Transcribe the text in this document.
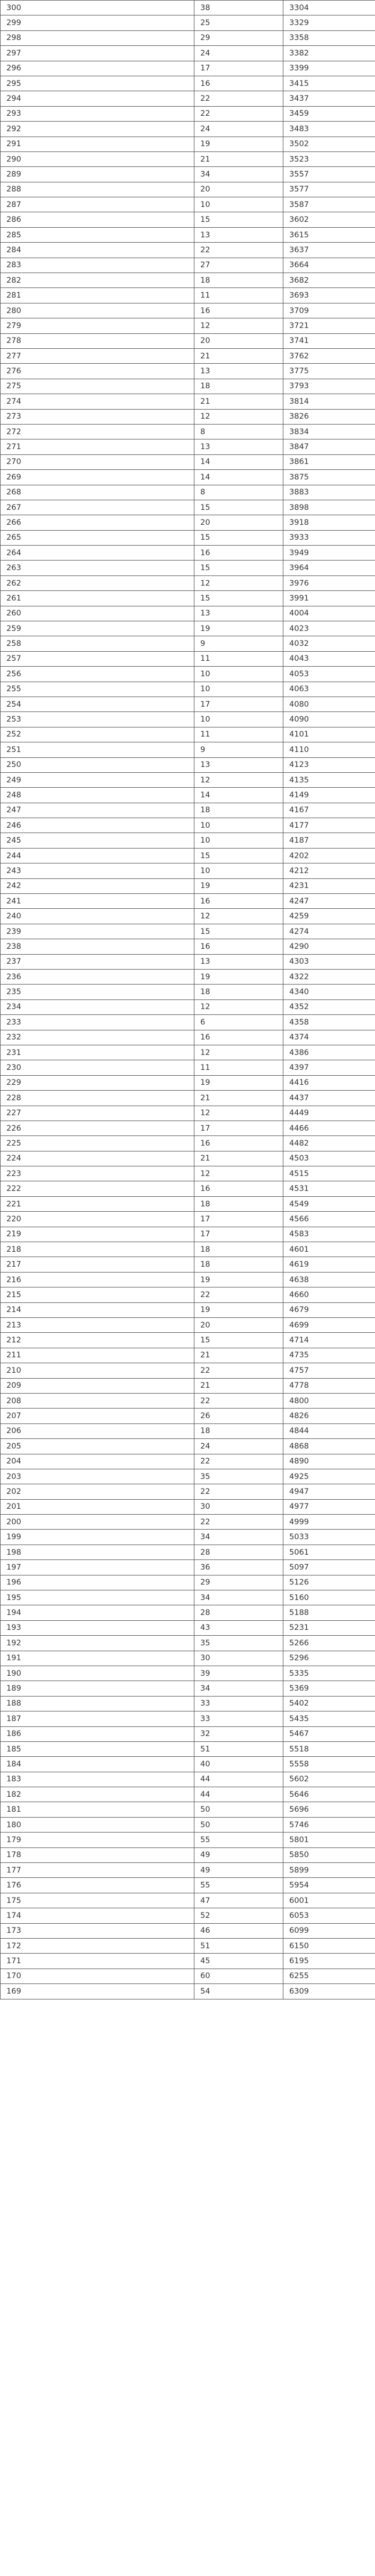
300	38	3304
299	25	3329
298	29	3358
297	24	3382
296	17	3399
295	16	3415
294	22	3437
293	22	3459
292	24	3483
291	19	3502
290	21	3523
289	34	3557
288	20	3577
287	10	3587
286	15	3602
285	13	3615
284	22	3637
283	27	3664
282	18	3682
281	11	3693
280	16	3709
279	12	3721
278	20	3741
277	21	3762
276	13	3775
275	18	3793
274	21	3814
273	12	3826
272	8	3834
271	13	3847
270	14	3861
269	14	3875
268	8	3883
267	15	3898
266	20	3918
265	15	3933
264	16	3949
263	15	3964
262	12	3976
261	15	3991
260	13	4004
259	19	4023
258	9	4032
257	11	4043
256	10	4053
255	10	4063
254	17	4080
253	10	4090
252	11	4101
251	9	4110
250	13	4123
249	12	4135
248	14	4149
247	18	4167
246	10	4177
245	10	4187
244	15	4202
243	10	4212
242	19	4231
241	16	4247
240	12	4259
239	15	4274
238	16	4290
237	13	4303
236	19	4322
235	18	4340
234	12	4352
233	6	4358
232	16	4374
231	12	4386
230	11	4397
229	19	4416
228	21	4437
227	12	4449
226	17	4466
225	16	4482
224	21	4503
223	12	4515
222	16	4531
221	18	4549
220	17	4566
219	17	4583
218	18	4601
217	18	4619
216	19	4638
215	22	4660
214	19	4679
213	20	4699
212	15	4714
211	21	4735
210	22	4757
209	21	4778
208	22	4800
207	26	4826
206	18	4844
205	24	4868
204	22	4890
203	35	4925
202	22	4947
201	30	4977
200	22	4999
199	34	5033
198	28	5061
197	36	5097
196	29	5126
195	34	5160
194	28	5188
193	43	5231
192	35	5266
191	30	5296
190	39	5335
189	34	5369
188	33	5402
187	33	5435
186	32	5467
185	51	5518
184	40	5558
183	44	5602
182	44	5646
181	50	5696
180	50	5746
179	55	5801
178	49	5850
177	49	5899
176	55	5954
175	47	6001
174	52	6053
173	46	6099
172	51	6150
171	45	6195
170	60	6255
169	54	6309
